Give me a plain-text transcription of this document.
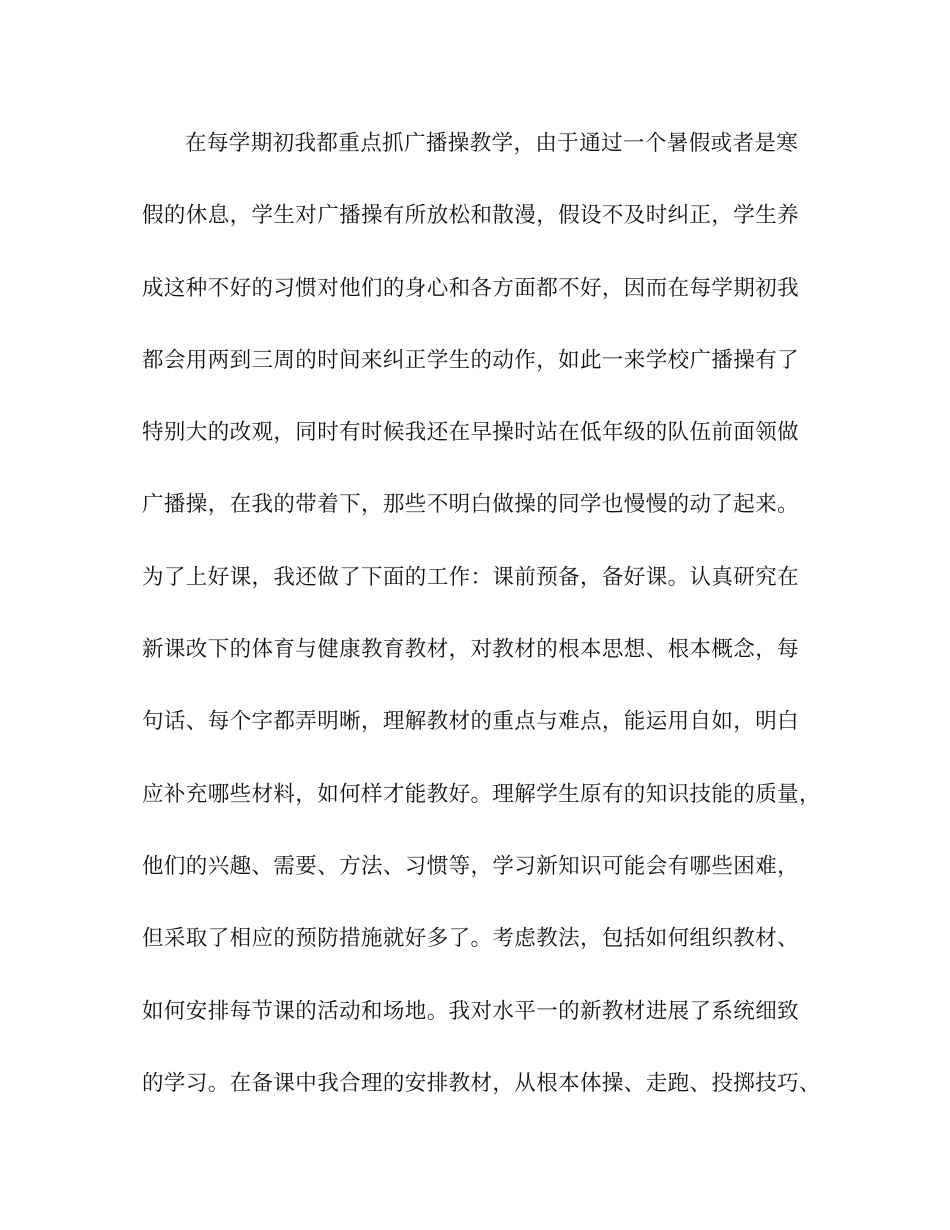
在每学期初我都重点抓广播操教学，由于通过一个暑假或者是寒
假的休息，学生对广播操有所放松和散漫，假设不及时纠正，学生养
成这种不好的习惯对他们的身心和各方面都不好，因而在每学期初我
都会用两到三周的时间来纠正学生的动作，如此一来学校广播操有了
特别大的改观，同时有时候我还在早操时站在低年级的队伍前面领做
广播操，在我的带着下，那些不明白做操的同学也慢慢的动了起来。
为了上好课，我还做了下面的工作：课前预备，备好课。认真研究在
新课改下的体育与健康教育教材，对教材的根本思想、根本概念，每
句话、每个字都弄明晰，理解教材的重点与难点，能运用自如，明白
应补充哪些材料，如何样才能教好。理解学生原有的知识技能的质量，
他们的兴趣、需要、方法、习惯等，学习新知识可能会有哪些困难，
但采取了相应的预防措施就好多了。考虑教法，包括如何组织教材、
如何安排每节课的活动和场地。我对水平一的新教材进展了系统细致
的学习。在备课中我合理的安排教材，从根本体操、走跑、投掷技巧、
